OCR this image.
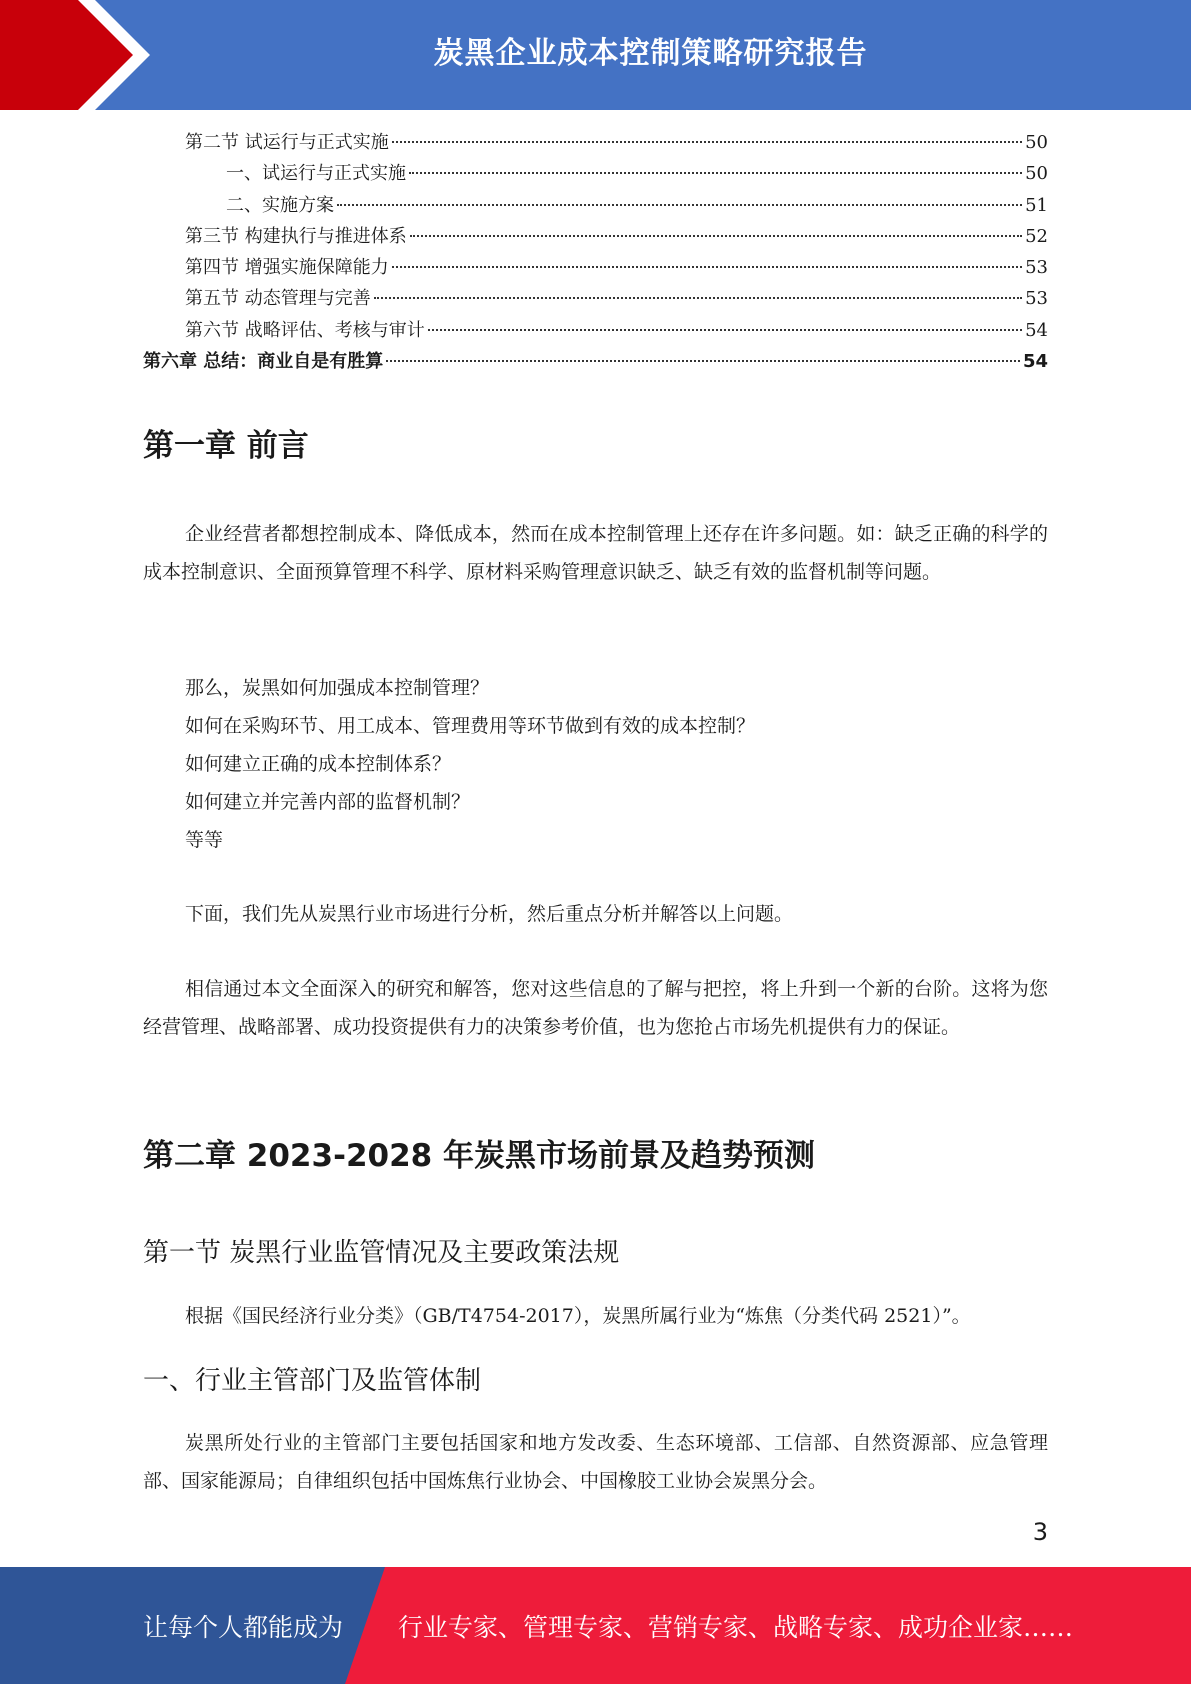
炭黑企业成本控制策略研究报告
第二节 试运行与正式实施	50
一、试运行与正式实施	50
二、实施方案	51
第三节 构建执行与推进体系	52
第四节 增强实施保障能力	53
第五节 动态管理与完善	53
第六节 战略评估、考核与审计	54
第六章 总结：商业自是有胜算	54
第一章 前言
企业经营者都想控制成本、降低成本，然而在成本控制管理上还存在许多问题。如：缺乏正确的科学的成本控制意识、全面预算管理不科学、原材料采购管理意识缺乏、缺乏有效的监督机制等问题。
那么，炭黑如何加强成本控制管理？
如何在采购环节、用工成本、管理费用等环节做到有效的成本控制？
如何建立正确的成本控制体系？
如何建立并完善内部的监督机制？
等等
下面，我们先从炭黑行业市场进行分析，然后重点分析并解答以上问题。
相信通过本文全面深入的研究和解答，您对这些信息的了解与把控，将上升到一个新的台阶。这将为您经营管理、战略部署、成功投资提供有力的决策参考价值，也为您抢占市场先机提供有力的保证。
第二章 2023-2028 年炭黑市场前景及趋势预测
第一节 炭黑行业监管情况及主要政策法规
根据《国民经济行业分类》（GB/T4754-2017），炭黑所属行业为“炼焦（分类代码 2521）”。
一、行业主管部门及监管体制
炭黑所处行业的主管部门主要包括国家和地方发改委、生态环境部、工信部、自然资源部、应急管理部、国家能源局；自律组织包括中国炼焦行业协会、中国橡胶工业协会炭黑分会。
3
让每个人都能成为 行业专家、管理专家、营销专家、战略专家、成功企业家……
